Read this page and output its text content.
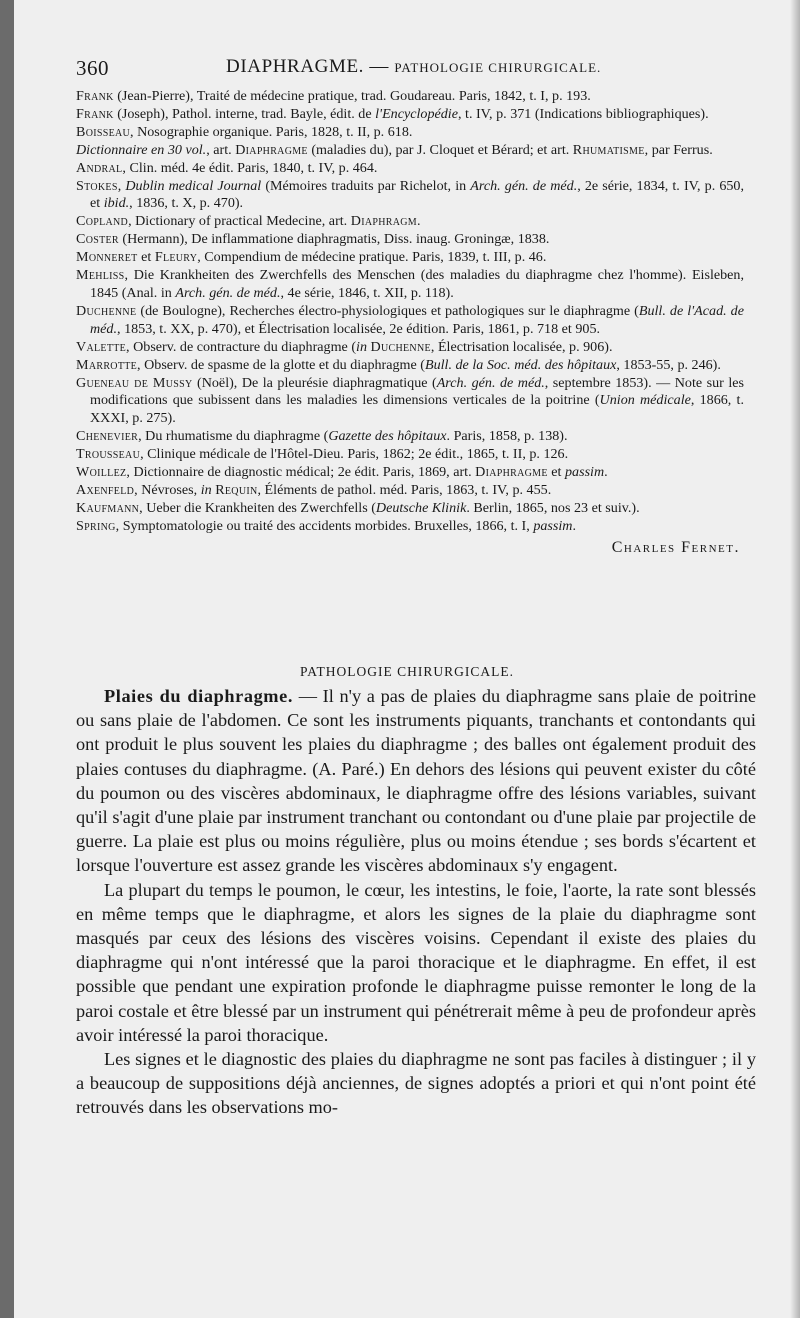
360	DIAPHRAGME. — PATHOLOGIE CHIRURGICALE.

Frank (Jean-Pierre), Traité de médecine pratique, trad. Goudareau. Paris, 1842, t. I, p. 193.

Frank (Joseph), Pathol. interne, trad. Bayle, édit. de l'Encyclopédie, t. IV, p. 371 (Indications bibliographiques).

Boisseau, Nosographie organique. Paris, 1828, t. II, p. 618.

Dictionnaire en 30 vol., art. Diaphragme (maladies du), par J. Cloquet et Bérard; et art. Rhumatisme, par Ferrus.

Andral, Clin. méd. 4e édit. Paris, 1840, t. IV, p. 464.

Stokes, Dublin medical Journal (Mémoires traduits par Richelot, in Arch. gén. de méd., 2e série, 1834, t. IV, p. 650, et ibid., 1836, t. X, p. 470).

Copland, Dictionary of practical Medecine, art. Diaphragm.

Coster (Hermann), De inflammatione diaphragmatis, Diss. inaug. Groningæ, 1838.

Monneret et Fleury, Compendium de médecine pratique. Paris, 1839, t. III, p. 46.

Mehliss, Die Krankheiten des Zwerchfells des Menschen (des maladies du diaphragme chez l'homme). Eisleben, 1845 (Anal. in Arch. gén. de méd., 4e série, 1846, t. XII, p. 118).

Duchenne (de Boulogne), Recherches électro-physiologiques et pathologiques sur le diaphragme (Bull. de l'Acad. de méd., 1853, t. XX, p. 470), et Électrisation localisée, 2e édition. Paris, 1861, p. 718 et 905.

Valette, Observ. de contracture du diaphragme (in Duchenne, Électrisation localisée, p. 906).

Marrotte, Observ. de spasme de la glotte et du diaphragme (Bull. de la Soc. méd. des hôpitaux, 1853-55, p. 246).

Gueneau de Mussy (Noël), De la pleurésie diaphragmatique (Arch. gén. de méd., septembre 1853). — Note sur les modifications que subissent dans les maladies les dimensions verticales de la poitrine (Union médicale, 1866, t. XXXI, p. 275).

Chenevier, Du rhumatisme du diaphragme (Gazette des hôpitaux. Paris, 1858, p. 138).

Trousseau, Clinique médicale de l'Hôtel-Dieu. Paris, 1862; 2e édit., 1865, t. II, p. 126.

Woillez, Dictionnaire de diagnostic médical; 2e édit. Paris, 1869, art. Diaphragme et passim.

Axenfeld, Névroses, in Requin, Éléments de pathol. méd. Paris, 1863, t. IV, p. 455.

Kaufmann, Ueber die Krankheiten des Zwerchfells (Deutsche Klinik. Berlin, 1865, nos 23 et suiv.).

Spring, Symptomatologie ou traité des accidents morbides. Bruxelles, 1866, t. I, passim.

Charles Fernet.
PATHOLOGIE CHIRURGICALE.

Plaies du diaphragme. — Il n'y a pas de plaies du diaphragme sans plaie de poitrine ou sans plaie de l'abdomen. Ce sont les instruments piquants, tranchants et contondants qui ont produit le plus souvent les plaies du diaphragme ; des balles ont également produit des plaies contuses du diaphragme. (A. Paré.) En dehors des lésions qui peuvent exister du côté du poumon ou des viscères abdominaux, le diaphragme offre des lésions variables, suivant qu'il s'agit d'une plaie par instrument tranchant ou contondant ou d'une plaie par projectile de guerre. La plaie est plus ou moins régulière, plus ou moins étendue ; ses bords s'écartent et lorsque l'ouverture est assez grande les viscères abdominaux s'y engagent.

La plupart du temps le poumon, le cœur, les intestins, le foie, l'aorte, la rate sont blessés en même temps que le diaphragme, et alors les signes de la plaie du diaphragme sont masqués par ceux des lésions des viscères voisins. Cependant il existe des plaies du diaphragme qui n'ont intéressé que la paroi thoracique et le diaphragme. En effet, il est possible que pendant une expiration profonde le diaphragme puisse remonter le long de la paroi costale et être blessé par un instrument qui pénétrerait même à peu de profondeur après avoir intéressé la paroi thoracique.

Les signes et le diagnostic des plaies du diaphragme ne sont pas faciles à distinguer ; il y a beaucoup de suppositions déjà anciennes, de signes adoptés a priori et qui n'ont point été retrouvés dans les observations mo-
